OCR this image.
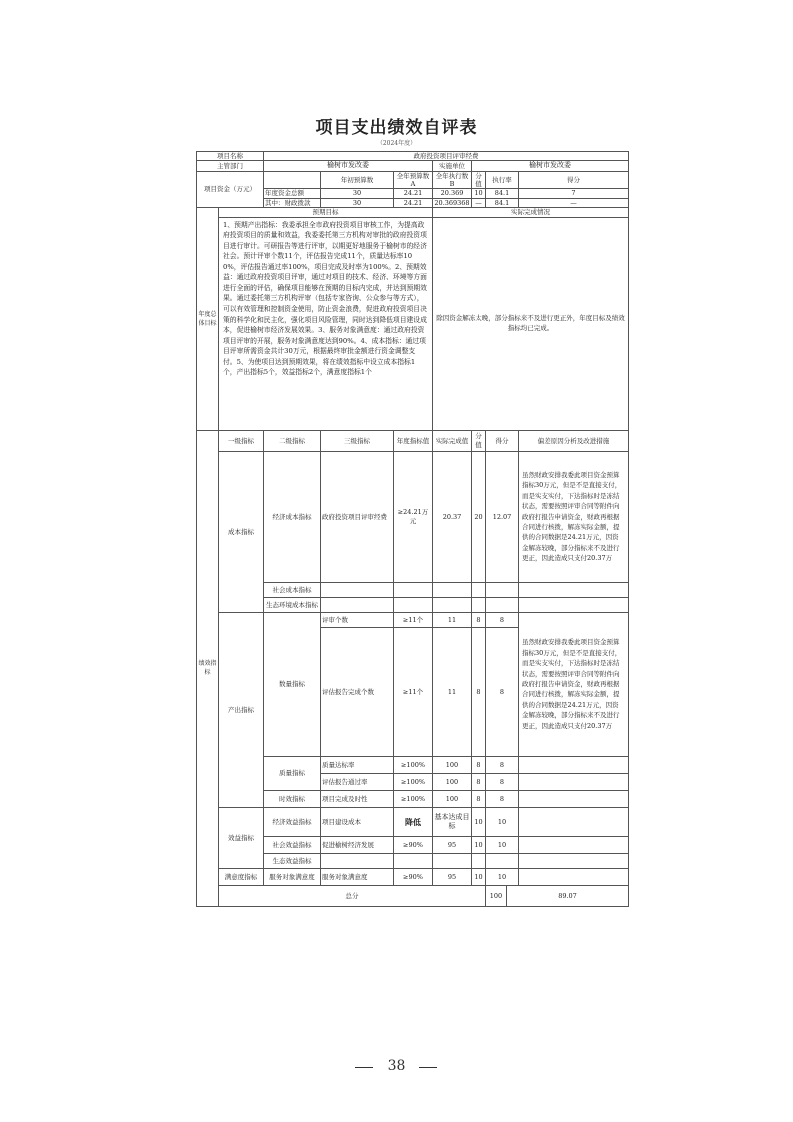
项目支出绩效自评表
（2024年度）
项目名称		政府投资项目评审经费								
主管部门		榆树市发改委			实施单位	榆树市发改委				
项目资金（万元）			年初预算数	全年预算数A	全年执行数B	分值	执行率		得分	
		年度资金总额	30	24.21	20.369	10	84.1		7	
		其中：财政拨款	30	24.21	20.369368	—	84.1		—	
年度总体目标	预期目标				实际完成情况					
	1、预期产出指标：我委承担全市政府投资项目审核工作，为提高政府投资项目的质量和效益，我委委托第三方机构对审批的政府投资项目进行审计。可研报告等进行评审，以期更好地服务于榆树市的经济社会。预计评审个数11个，评估报告完成11个，质量达标率100%，评估报告通过率100%，项目完成及时率为100%。2、预期效益：通过政府投资项目评审，通过对项目的技术、经济、环境等方面进行全面的评估，确保项目能够在预期的目标内完成，并达到预期效果。通过委托第三方机构评审（包括专家咨询、公众参与等方式），可以有效管理和控制资金使用，防止资金浪费，促进政府投资项目决策的科学化和民主化，强化项目风险管理，同时达到降低项目建设成本，促进榆树市经济发展效果。3、服务对象满意度：通过政府投资项目评审的开展，服务对象满意度达到90%。4、成本指标：通过项目评审所需资金共计30万元，根据最终审批金额进行资金调整支付。5、为使项目达到预期效果，将在绩效指标中设立成本指标1个，产出指标5个，效益指标2个，满意度指标1个				除因资金解冻太晚，部分指标来不及进行更正外，年度目标及绩效指标均已完成。					
绩效指标	一级指标	二级指标	三级指标	年度指标值	实际完成值	分值	得分		偏差原因分析及改进措施	
	成本指标	经济成本指标	政府投资项目评审经费	≥24.21万元	20.37	20	12.07		虽然财政安排我委此项目资金预算指标30万元，但是不是直接支付，而是实支实付，下达指标时是冻结状态，需要按照评审合同等附件向政府打报告申请资金，财政再根据合同进行核拨，解冻实际金额，提供的合同数据是24.21万元，因资金解冻较晚，部分指标来不及进行更正，因此造成只支付20.37万	
		社会成本指标								
		生态环境成本指标								
	产出指标	数量指标	评审个数	≥11个	11	8	8		虽然财政安排我委此项目资金预算指标30万元，但是不是直接支付，而是实支实付，下达指标时是冻结状态，需要按照评审合同等附件向政府打报告申请资金，财政再根据合同进行核拨，解冻实际金额，提供的合同数据是24.21万元，因资金解冻较晚，部分指标来不及进行更正，因此造成只支付20.37万	
			评估报告完成个数	≥11个	11	8	8			
		质量指标	质量达标率	≥100%	100	8	8			
			评估报告通过率	≥100%	100	8	8			
		时效指标	项目完成及时性	≥100%	100	8	8			
	效益指标	经济效益指标	项目建设成本	降低	基本达成目标	10	10			
		社会效益指标	促进榆树经济发展	≥90%	95	10	10			
		生态效益指标								
	满意度指标	服务对象满意度	服务对象满意度	≥90%	95	10	10			
	总分						100	89.07		
38
